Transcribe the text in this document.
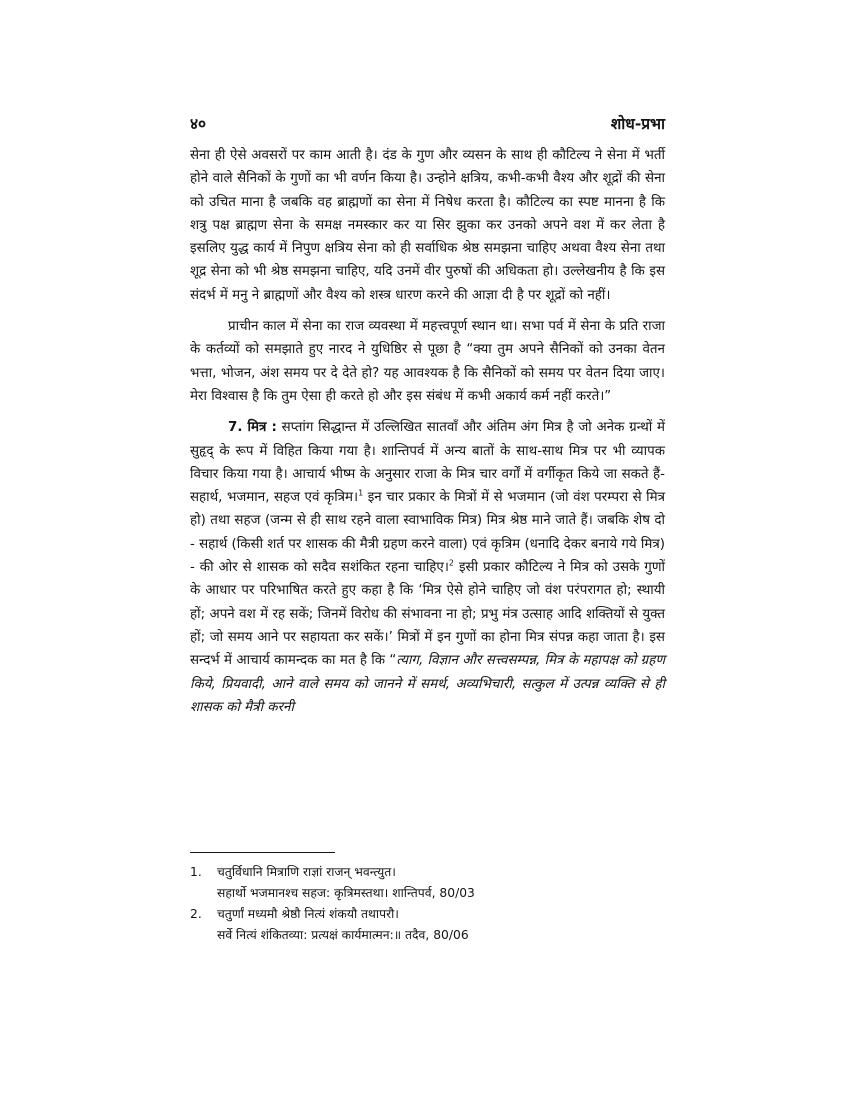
४०	शोध-प्रभा

सेना ही ऐसे अवसरों पर काम आती है। दंड के गुण और व्यसन के साथ ही कौटिल्य ने सेना में भर्ती होने वाले सैनिकों के गुणों का भी वर्णन किया है। उन्होने क्षत्रिय, कभी-कभी वैश्य और शूद्रों की सेना को उचित माना है जबकि वह ब्राह्मणों का सेना में निषेध करता है। कौटिल्य का स्पष्ट मानना है कि शत्रु पक्ष ब्राह्मण सेना के समक्ष नमस्कार कर या सिर झुका कर उनको अपने वश में कर लेता है इसलिए युद्ध कार्य में निपुण क्षत्रिय सेना को ही सर्वाधिक श्रेष्ठ समझना चाहिए अथवा वैश्य सेना तथा शूद्र सेना को भी श्रेष्ठ समझना चाहिए, यदि उनमें वीर पुरुषों की अधिकता हो। उल्लेखनीय है कि इस संदर्भ में मनु ने ब्राह्मणों और वैश्य को शस्त्र धारण करने की आज्ञा दी है पर शूद्रों को नहीं।

प्राचीन काल में सेना का राज व्यवस्था में महत्त्वपूर्ण स्थान था। सभा पर्व में सेना के प्रति राजा के कर्तव्यों को समझाते हुए नारद ने युधिष्ठिर से पूछा है “क्या तुम अपने सैनिकों को उनका वेतन भत्ता, भोजन, अंश समय पर दे देते हो? यह आवश्यक है कि सैनिकों को समय पर वेतन दिया जाए। मेरा विश्वास है कि तुम ऐसा ही करते हो और इस संबंध में कभी अकार्य कर्म नहीं करते।”

7. मित्र : सप्तांग सिद्धान्त में उल्लिखित सातवाँ और अंतिम अंग मित्र है जो अनेक ग्रन्थों में सुहृद् के रूप में विहित किया गया है। शान्तिपर्व में अन्य बातों के साथ-साथ मित्र पर भी व्यापक विचार किया गया है। आचार्य भीष्म के अनुसार राजा के मित्र चार वर्गों में वर्गीकृत किये जा सकते हैं- सहार्थ, भजमान, सहज एवं कृत्रिम।$^1$ इन चार प्रकार के मित्रों में से भजमान (जो वंश परम्परा से मित्र हो) तथा सहज (जन्म से ही साथ रहने वाला स्वाभाविक मित्र) मित्र श्रेष्ठ माने जाते हैं। जबकि शेष दो - सहार्थ (किसी शर्त पर शासक की मैत्री ग्रहण करने वाला) एवं कृत्रिम (धनादि देकर बनाये गये मित्र) - की ओर से शासक को सदैव सशंकित रहना चाहिए।$^2$ इसी प्रकार कौटिल्य ने मित्र को उसके गुणों के आधार पर परिभाषित करते हुए कहा है कि ‘मित्र ऐसे होने चाहिए जो वंश परंपरागत हो; स्थायी हों; अपने वश में रह सकें; जिनमें विरोध की संभावना ना हो; प्रभु मंत्र उत्साह आदि शक्तियों से युक्त हों; जो समय आने पर सहायता कर सकें।’ मित्रों में इन गुणों का होना मित्र संपन्न कहा जाता है। इस सन्दर्भ में आचार्य कामन्दक का मत है कि “त्याग, विज्ञान और सत्त्वसम्पन्न, मित्र के महापक्ष को ग्रहण किये, प्रियवादी, आने वाले समय को जानने में समर्थ, अव्यभिचारी, सत्कुल में उत्पन्न व्यक्ति से ही शासक को मैत्री करनी

1.	चतुर्विधानि मित्राणि राज्ञां राजन् भवन्त्युत।
सहार्थो भजमानश्च सहज: कृत्रिमस्तथा। शान्तिपर्व, 80/03
2.	चतुर्णां मध्यमौ श्रेष्ठौ नित्यं शंकयौ तथापरौ।
सर्वे नित्यं शंकितव्या: प्रत्यक्षं कार्यमात्मन:॥ तदैव, 80/06
